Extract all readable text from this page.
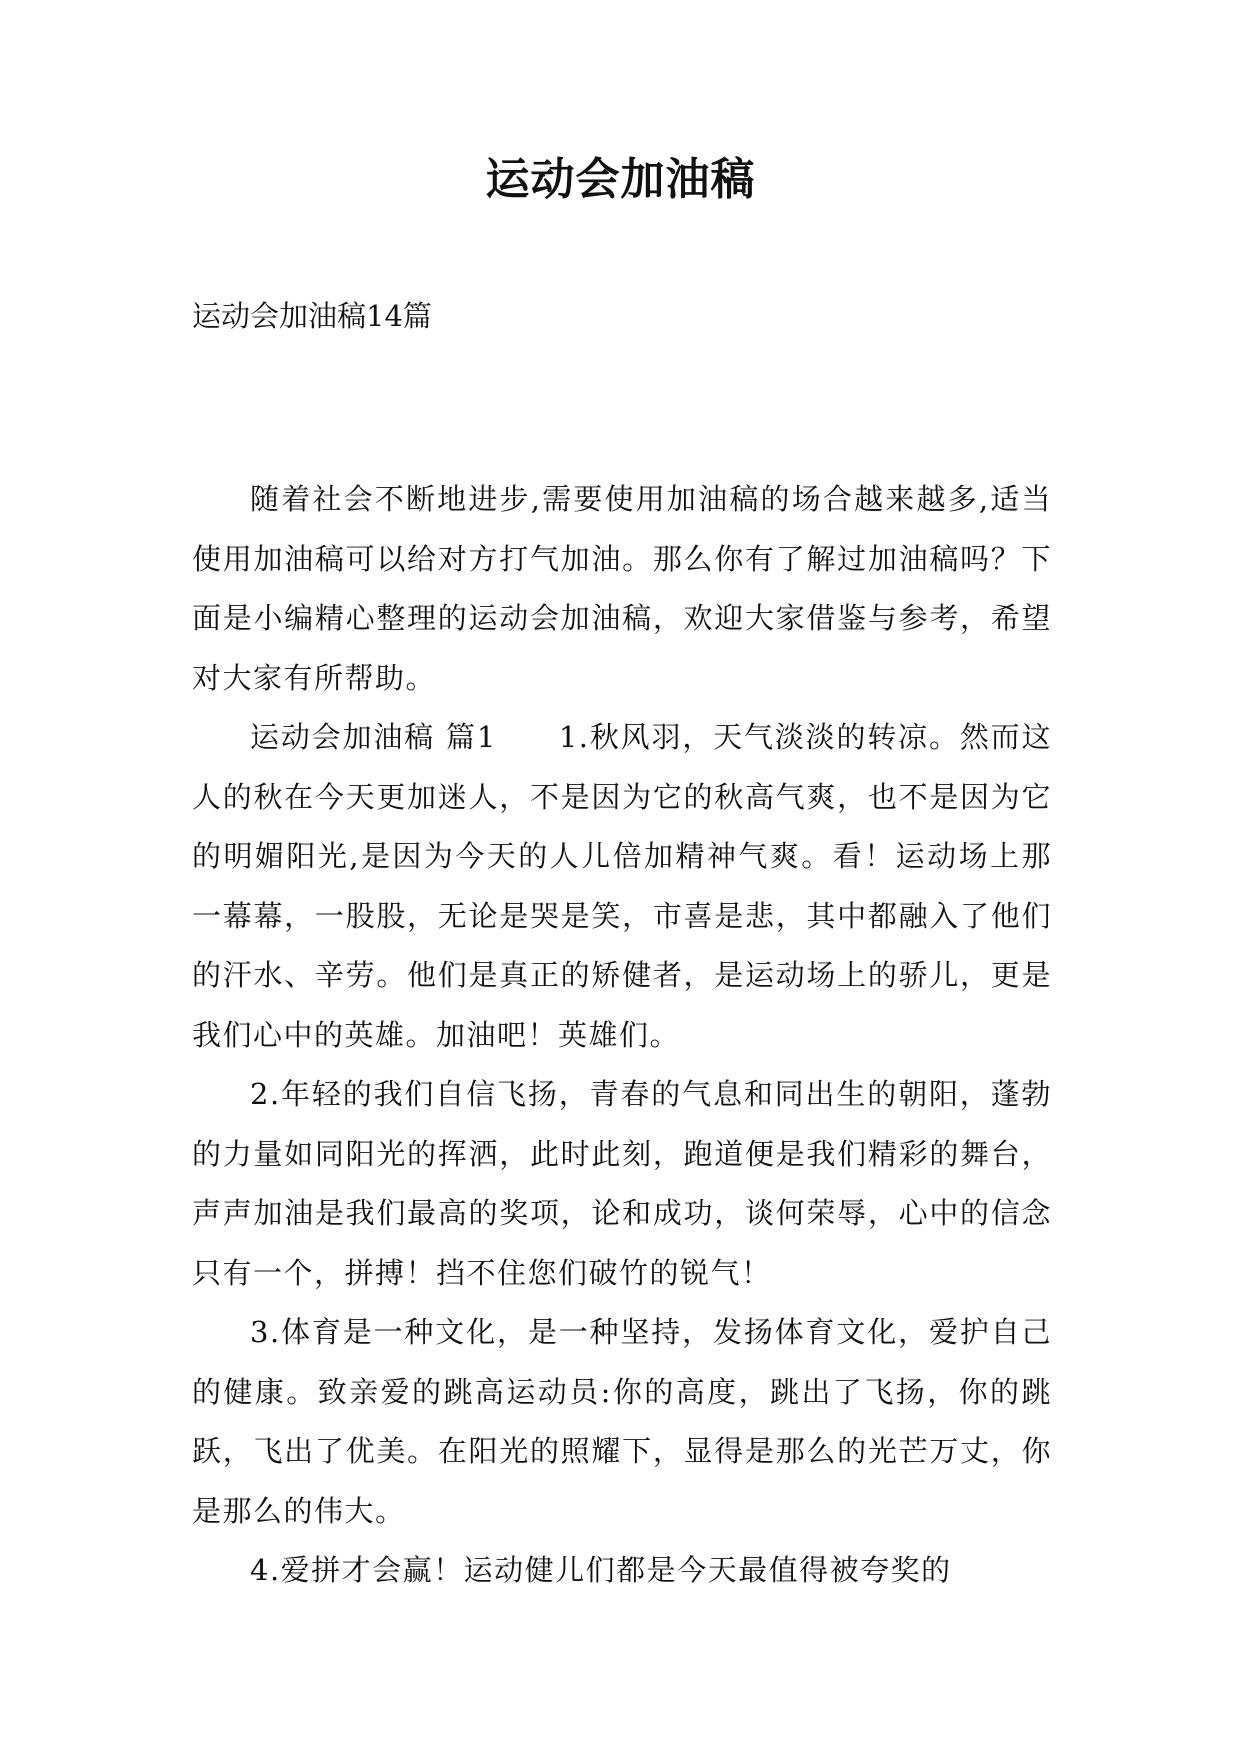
运动会加油稿

运动会加油稿14篇

随着社会不断地进步,需要使用加油稿的场合越来越多,适当使用加油稿可以给对方打气加油。那么你有了解过加油稿吗？下面是小编精心整理的运动会加油稿，欢迎大家借鉴与参考，希望对大家有所帮助。

运动会加油稿 篇1　　1.秋风羽，天气淡淡的转凉。然而这人的秋在今天更加迷人，不是因为它的秋高气爽，也不是因为它的明媚阳光,是因为今天的人儿倍加精神气爽。看！运动场上那一幕幕，一股股，无论是哭是笑，市喜是悲，其中都融入了他们的汗水、辛劳。他们是真正的矫健者，是运动场上的骄儿，更是我们心中的英雄。加油吧！英雄们。

2.年轻的我们自信飞扬，青春的气息和同出生的朝阳，蓬勃的力量如同阳光的挥洒，此时此刻，跑道便是我们精彩的舞台，声声加油是我们最高的奖项，论和成功，谈何荣辱，心中的信念只有一个，拼搏！挡不住您们破竹的锐气！

3.体育是一种文化，是一种坚持，发扬体育文化，爱护自己的健康。致亲爱的跳高运动员:你的高度，跳出了飞扬，你的跳跃，飞出了优美。在阳光的照耀下，显得是那么的光芒万丈，你是那么的伟大。

4.爱拼才会赢！运动健儿们都是今天最值得被夸奖的
